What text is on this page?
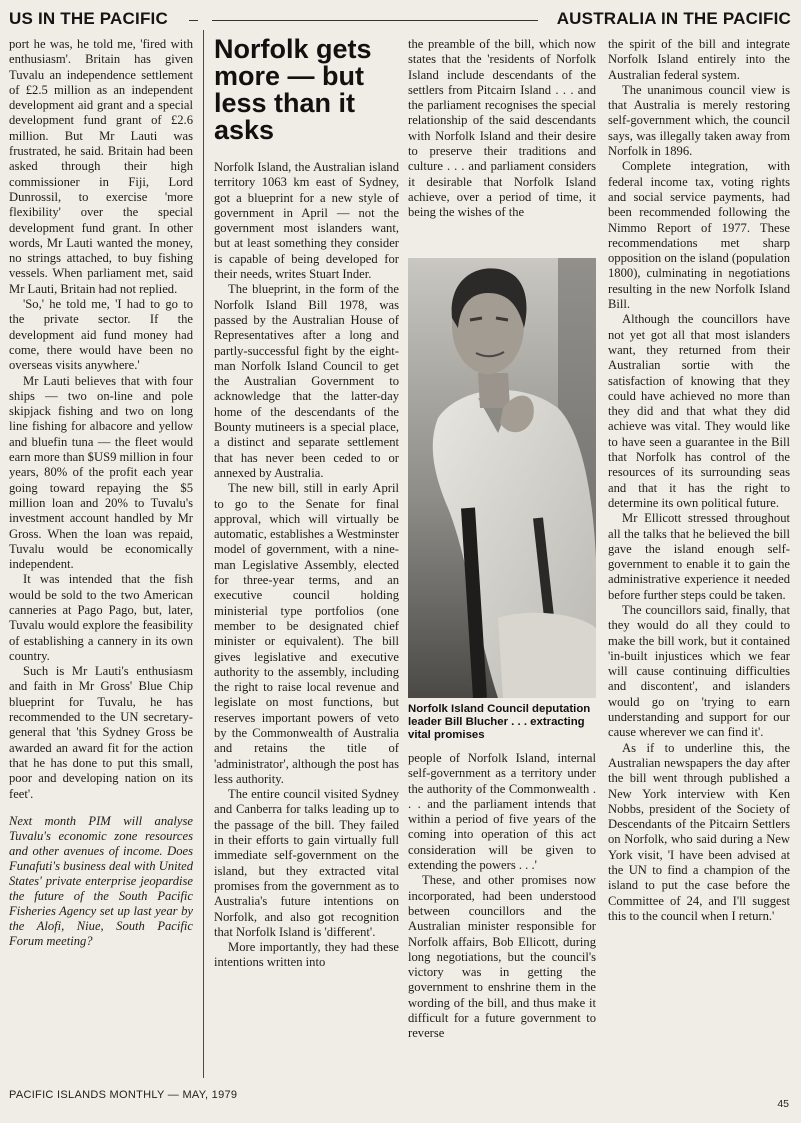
US IN THE PACIFIC	AUSTRALIA IN THE PACIFIC

port he was, he told me, 'fired with enthusiasm'. Britain has given Tuvalu an independence settlement of £2.5 million as an independent development aid grant and a special development fund grant of £2.6 million. But Mr Lauti was frustrated, he said. Britain had been asked through their high commissioner in Fiji, Lord Dunrossil, to exercise 'more flexibility' over the special development fund grant. In other words, Mr Lauti wanted the money, no strings attached, to buy fishing vessels. When parliament met, said Mr Lauti, Britain had not replied.

'So,' he told me, 'I had to go to the private sector. If the development aid fund money had come, there would have been no overseas visits anywhere.'

Mr Lauti believes that with four ships — two on-line and pole skipjack fishing and two on long line fishing for albacore and yellow and bluefin tuna — the fleet would earn more than $US9 million in four years, 80% of the profit each year going toward repaying the $5 million loan and 20% to Tuvalu's investment account handled by Mr Gross. When the loan was repaid, Tuvalu would be economically independent.

It was intended that the fish would be sold to the two American canneries at Pago Pago, but, later, Tuvalu would explore the feasibility of establishing a cannery in its own country.

Such is Mr Lauti's enthusiasm and faith in Mr Gross' Blue Chip blueprint for Tuvalu, he has recommended to the UN secretary-general that 'this Sydney Gross be awarded an award fit for the action that he has done to put this small, poor and developing nation on its feet'.

Next month PIM will analyse Tuvalu's economic zone resources and other avenues of income. Does Funafuti's business deal with United States' private enterprise jeopardise the future of the South Pacific Fisheries Agency set up last year by the Alofi, Niue, South Pacific Forum meeting?

Norfolk gets more — but less than it asks

Norfolk Island, the Australian island territory 1063 km east of Sydney, got a blueprint for a new style of government in April — not the government most islanders want, but at least something they consider is capable of being developed for their needs, writes Stuart Inder.

The blueprint, in the form of the Norfolk Island Bill 1978, was passed by the Australian House of Representatives after a long and partly-successful fight by the eight-man Norfolk Island Council to get the Australian Government to acknowledge that the latter-day home of the descendants of the Bounty mutineers is a special place, a distinct and separate settlement that has never been ceded to or annexed by Australia.

The new bill, still in early April to go to the Senate for final approval, which will virtually be automatic, establishes a Westminster model of government, with a nine-man Legislative Assembly, elected for three-year terms, and an executive council holding ministerial type portfolios (one member to be designated chief minister or equivalent). The bill gives legislative and executive authority to the assembly, including the right to raise local revenue and legislate on most functions, but reserves important powers of veto by the Commonwealth of Australia and retains the title of 'administrator', although the post has less authority.

The entire council visited Sydney and Canberra for talks leading up to the passage of the bill. They failed in their efforts to gain virtually full immediate self-government on the island, but they extracted vital promises from the government as to Australia's future intentions on Norfolk, and also got recognition that Norfolk Island is 'different'.

More importantly, they had these intentions written into

the preamble of the bill, which now states that the 'residents of Norfolk Island include descendants of the settlers from Pitcairn Island . . . and the parliament recognises the special relationship of the said descendants with Norfolk Island and their desire to preserve their traditions and culture . . . and parliament considers it desirable that Norfolk Island achieve, over a period of time, it being the wishes of the

Norfolk Island Council deputation leader Bill Blucher . . . extracting vital promises

people of Norfolk Island, internal self-government as a territory under the authority of the Commonwealth . . . and the parliament intends that within a period of five years of the coming into operation of this act consideration will be given to extending the powers . . .'

These, and other promises now incorporated, had been understood between councillors and the Australian minister responsible for Norfolk affairs, Bob Ellicott, during long negotiations, but the council's victory was in getting the government to enshrine them in the wording of the bill, and thus make it difficult for a future government to reverse

the spirit of the bill and integrate Norfolk Island entirely into the Australian federal system.

The unanimous council view is that Australia is merely restoring self-government which, the council says, was illegally taken away from Norfolk in 1896.

Complete integration, with federal income tax, voting rights and social service payments, had been recommended following the Nimmo Report of 1977. These recommendations met sharp opposition on the island (population 1800), culminating in negotiations resulting in the new Norfolk Island Bill.

Although the councillors have not yet got all that most islanders want, they returned from their Australian sortie with the satisfaction of knowing that they could have achieved no more than they did and that what they did achieve was vital. They would like to have seen a guarantee in the Bill that Norfolk has control of the resources of its surrounding seas and that it has the right to determine its own political future.

Mr Ellicott stressed throughout all the talks that he believed the bill gave the island enough self-government to enable it to gain the administrative experience it needed before further steps could be taken.

The councillors said, finally, that they would do all they could to make the bill work, but it contained 'in-built injustices which we fear will cause continuing difficulties and discontent', and islanders would go on 'trying to earn understanding and support for our cause wherever we can find it'.

As if to underline this, the Australian newspapers the day after the bill went through published a New York interview with Ken Nobbs, president of the Society of Descendants of the Pitcairn Settlers on Norfolk, who said during a New York visit, 'I have been advised at the UN to find a champion of the island to put the case before the Committee of 24, and I'll suggest this to the council when I return.'

PACIFIC ISLANDS MONTHLY — MAY, 1979
45
